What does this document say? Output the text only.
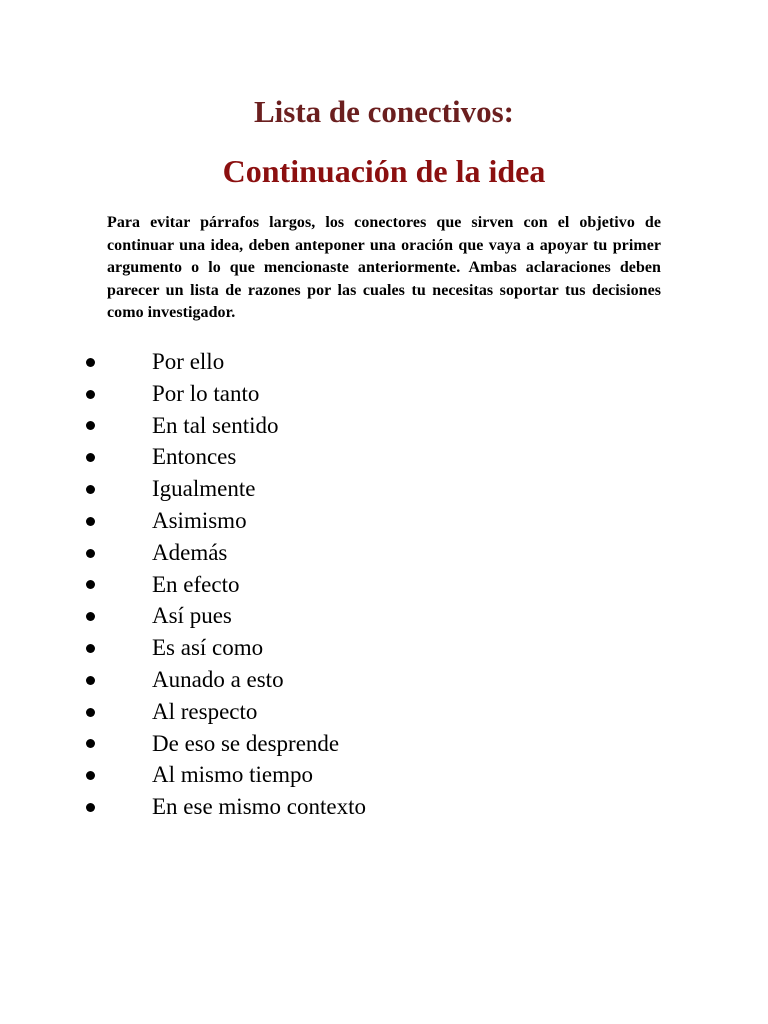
Lista de conectivos:
Continuación de la idea

Para evitar párrafos largos, los conectores que sirven con el objetivo de continuar una idea, deben anteponer una oración que vaya a apoyar tu primer argumento o lo que mencionaste anteriormente. Ambas aclaraciones deben parecer un lista de razones por las cuales tu necesitas soportar tus decisiones como investigador.

Por ello
Por lo tanto
En tal sentido
Entonces
Igualmente
Asimismo
Además
En efecto
Así pues
Es así como
Aunado a esto
Al respecto
De eso se desprende
Al mismo tiempo
En ese mismo contexto
